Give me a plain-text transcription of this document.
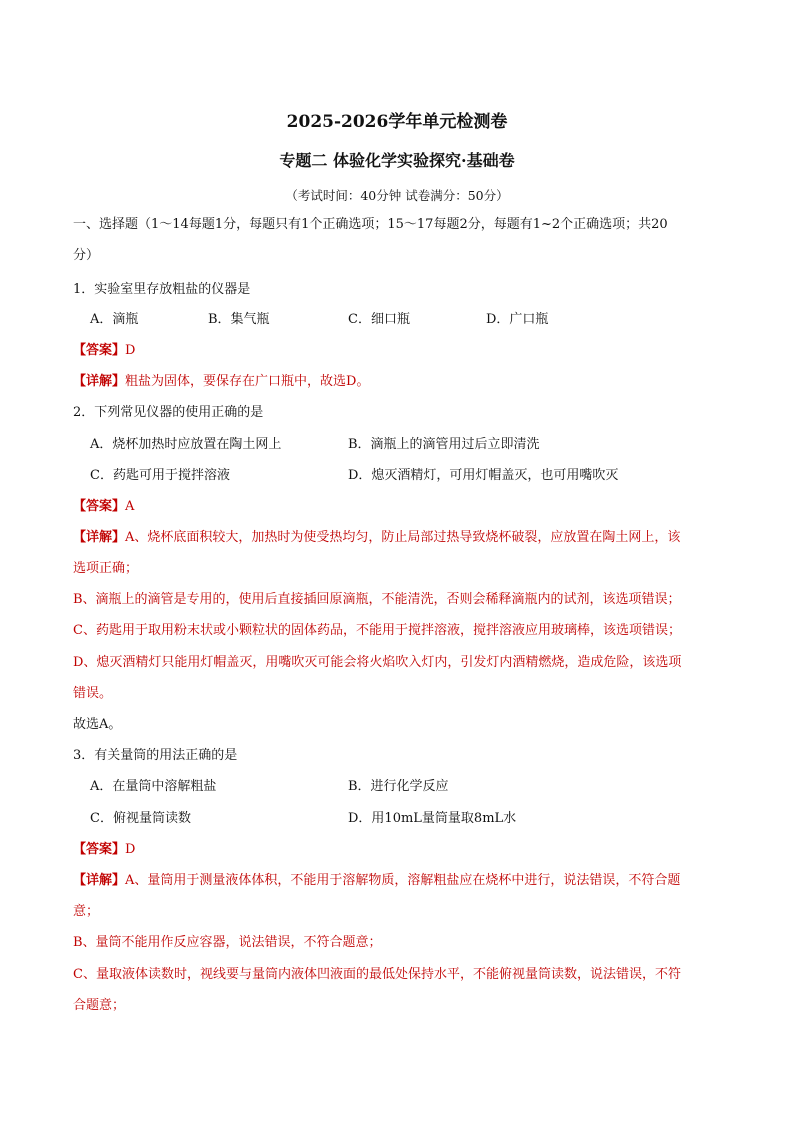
2025-2026学年单元检测卷
专题二 体验化学实验探究·基础卷
（考试时间：40分钟 试卷满分：50分）
一、选择题（1～14每题1分，每题只有1个正确选项；15～17每题2分，每题有1~2个正确选项；共20
分）
1．实验室里存放粗盐的仪器是
A．滴瓶	B．集气瓶	C．细口瓶	D．广口瓶
【答案】D
【详解】粗盐为固体，要保存在广口瓶中，故选D。
2．下列常见仪器的使用正确的是
A．烧杯加热时应放置在陶土网上	B．滴瓶上的滴管用过后立即清洗
C．药匙可用于搅拌溶液	D．熄灭酒精灯，可用灯帽盖灭，也可用嘴吹灭
【答案】A
【详解】A、烧杯底面积较大，加热时为使受热均匀，防止局部过热导致烧杯破裂，应放置在陶土网上，该
选项正确；
B、滴瓶上的滴管是专用的，使用后直接插回原滴瓶，不能清洗，否则会稀释滴瓶内的试剂，该选项错误；
C、药匙用于取用粉末状或小颗粒状的固体药品，不能用于搅拌溶液，搅拌溶液应用玻璃棒，该选项错误；
D、熄灭酒精灯只能用灯帽盖灭，用嘴吹灭可能会将火焰吹入灯内，引发灯内酒精燃烧，造成危险，该选项
错误。
故选A。
3．有关量筒的用法正确的是
A．在量筒中溶解粗盐	B．进行化学反应
C．俯视量筒读数	D．用10mL量筒量取8mL水
【答案】D
【详解】A、量筒用于测量液体体积，不能用于溶解物质，溶解粗盐应在烧杯中进行，说法错误，不符合题
意；
B、量筒不能用作反应容器，说法错误，不符合题意；
C、量取液体读数时，视线要与量筒内液体凹液面的最低处保持水平，不能俯视量筒读数，说法错误，不符
合题意；
